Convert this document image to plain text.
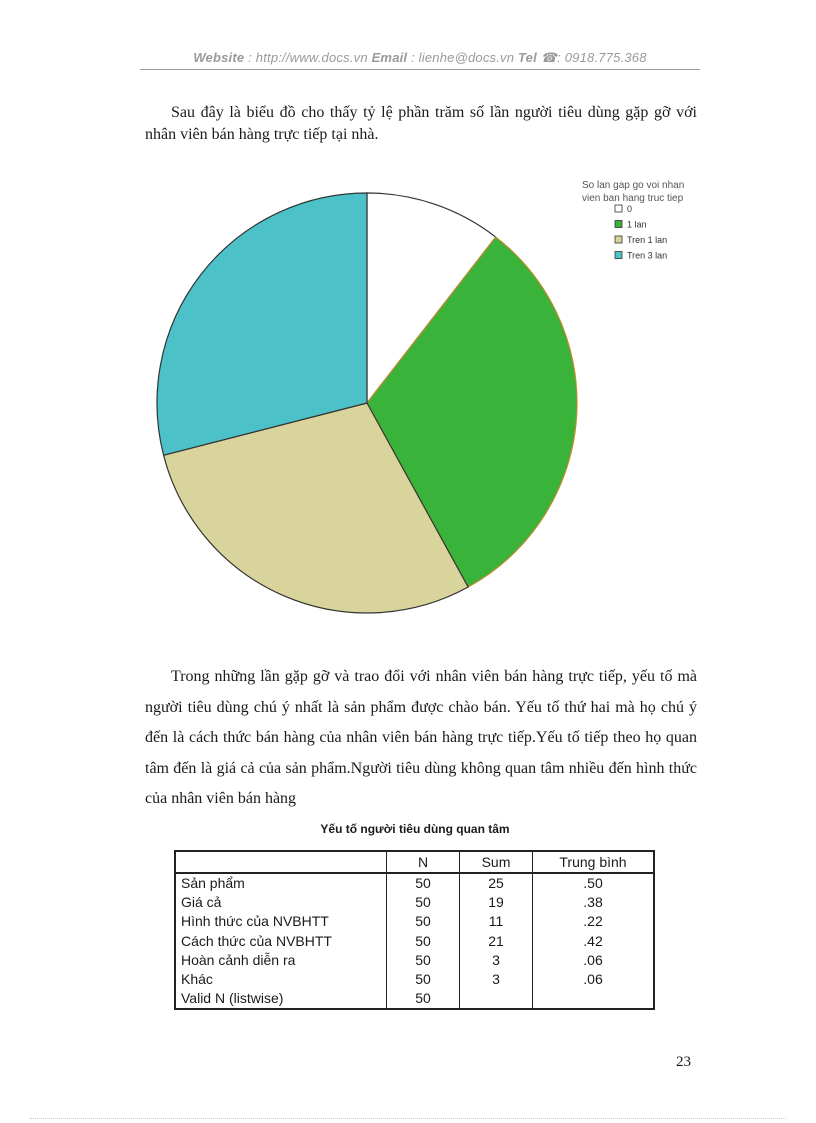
Website : http://www.docs.vn Email : lienhe@docs.vn Tel ☎: 0918.775.368

Sau đây là biểu đồ cho thấy tỷ lệ phần trăm số lần người tiêu dùng gặp gỡ với nhân viên bán hàng trực tiếp tại nhà.

So lan gap go voi nhan
vien ban hang truc tiep
0
1 lan
Tren 1 lan
Tren 3 lan

Trong những lần gặp gỡ và trao đổi với nhân viên bán hàng trực tiếp, yếu tố mà người tiêu dùng chú ý nhất là sản phẩm được chào bán. Yếu tố thứ hai mà họ chú ý đến là cách thức bán hàng của nhân viên bán hàng trực tiếp.Yếu tố tiếp theo họ quan tâm đến là giá cả của sản phẩm.Người tiêu dùng không quan tâm nhiều đến hình thức của nhân viên bán hàng

Yếu tố người tiêu dùng quan tâm
	N	Sum	Trung bình
Sản phẩm	50	25	.50
Giá cả	50	19	.38
Hình thức của NVBHTT	50	11	.22
Cách thức của NVBHTT	50	21	.42
Hoàn cảnh diễn ra	50	3	.06
Khác	50	3	.06
Valid N (listwise)	50		
23
